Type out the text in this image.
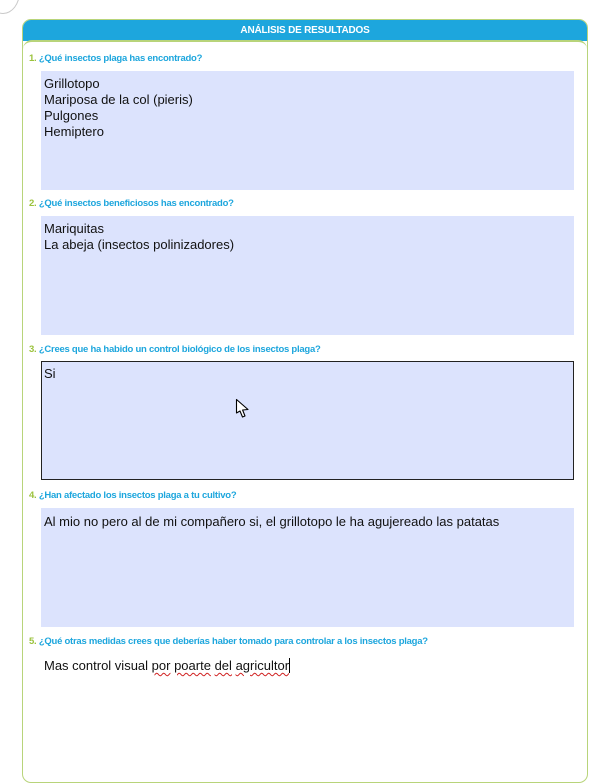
ANÁLISIS DE RESULTADOS
1. ¿Qué insectos plaga has encontrado?
Grillotopo
Mariposa de la col (pieris)
Pulgones
Hemiptero
2. ¿Qué insectos beneficiosos has encontrado?
Mariquitas
La abeja (insectos polinizadores)
3. ¿Crees que ha habido un control biológico de los insectos plaga?
Si
4. ¿Han afectado los insectos plaga a tu cultivo?
Al mio no pero al de mi compañero si, el grillotopo le ha agujereado las patatas
5. ¿Qué otras medidas crees que deberías haber tomado para controlar a los insectos plaga?
Mas control visual por poarte del agricultor
